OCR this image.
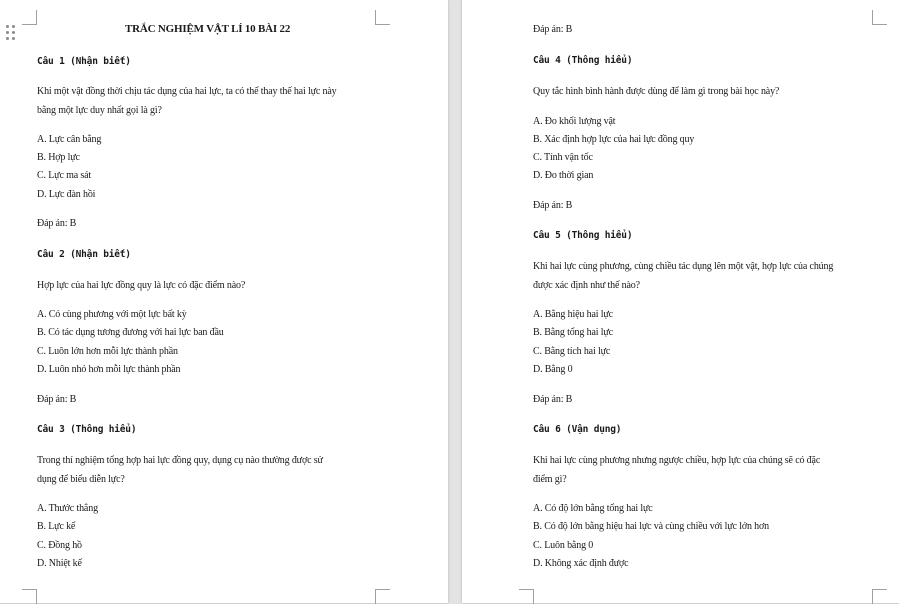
TRẮC NGHIỆM VẬT LÍ 10 BÀI 22
Câu 1 (Nhận biết)
Khi một vật đồng thời chịu tác dụng của hai lực, ta có thể thay thế hai lực này
bằng một lực duy nhất gọi là gì?
A. Lực cân bằng
B. Hợp lực
C. Lực ma sát
D. Lực đàn hồi
Đáp án: B
Câu 2 (Nhận biết)
Hợp lực của hai lực đồng quy là lực có đặc điểm nào?
A. Có cùng phương với một lực bất kỳ
B. Có tác dụng tương đương với hai lực ban đầu
C. Luôn lớn hơn mỗi lực thành phần
D. Luôn nhỏ hơn mỗi lực thành phần
Đáp án: B
Câu 3 (Thông hiểu)
Trong thí nghiệm tổng hợp hai lực đồng quy, dụng cụ nào thường được sử
dụng để biểu diễn lực?
A. Thước thẳng
B. Lực kế
C. Đồng hồ
D. Nhiệt kế
Đáp án: B
Câu 4 (Thông hiểu)
Quy tắc hình bình hành được dùng để làm gì trong bài học này?
A. Đo khối lượng vật
B. Xác định hợp lực của hai lực đồng quy
C. Tính vận tốc
D. Đo thời gian
Đáp án: B
Câu 5 (Thông hiểu)
Khi hai lực cùng phương, cùng chiều tác dụng lên một vật, hợp lực của chúng
được xác định như thế nào?
A. Bằng hiệu hai lực
B. Bằng tổng hai lực
C. Bằng tích hai lực
D. Bằng 0
Đáp án: B
Câu 6 (Vận dụng)
Khi hai lực cùng phương nhưng ngược chiều, hợp lực của chúng sẽ có đặc
điểm gì?
A. Có độ lớn bằng tổng hai lực
B. Có độ lớn bằng hiệu hai lực và cùng chiều với lực lớn hơn
C. Luôn bằng 0
D. Không xác định được
